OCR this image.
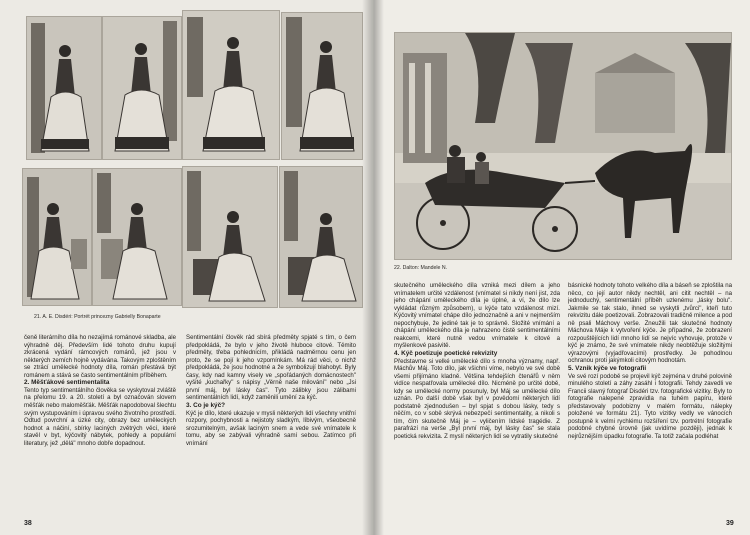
21. A. E. Disdéri: Portrét princezny Gabrielly Bonaparte

čeně literárního díla ho nezajímá románové skladba, ale výhradně děj. Především lidé tohoto druhu kupují zkrácená vydání rámcových románů, jež jsou v některých zemích hojně vydávána. Takovým zploštěním se ztrácí umělecké hodnoty díla, román přestává být románem a stává se často sentimentálním příběhem.

2. Měšťákové sentimentalita

Tento typ sentimentálního člověka se vyskytoval zvláště na přelomu 19. a 20. století a byl označován slovem měšťák nebo maloměšťák. Měšťák napodoboval šlechtu svým vystupováním i úpravou svého životního prostředí. Odtud povrchní a úzké city, obrazy bez uměleckých hodnot a náčiní, sbírky laciných zvětrých věcí, které stavěl v byt, kýčovitý nábytek, pohledy a populární literatury, jež „dělá" mnoho dobře dopadnout.

Sentimentální člověk rád sbírá předměty spjaté s tím, o čem předpokládá, že bylo v jeho životě hluboce citové. Těmito předměty, třeba pohlednicím, přikládá nadměrnou cenu jen proto, že se pojí k jeho vzpomínkám. Má rád věci, o nichž předpokládá, že jsou hodnotné a že symbolizují blahobyt. Byly časy, kdy nad kamny visely ve „spořádaných domácnostech" vyšité „kuchařky" s nápisy „Věrně naše milování" nebo „Jsi první máj, byl lásky čas". Tyto zálibky jsou zálibami sentimentálních lidí, když zaměnili umění za kýč.

3. Co je kýč?

Kýč je dílo, které ukazuje v mysli některých lidí všechny vnitřní rozpory, pochybnosti a nejistoty sladkým, líbivým, všeobecně srozumitelným, avšak laciným snem a vede své vnímatele k tomu, aby se zabývali výhradně samí sebou. Zatímco při vnímání

38
22. Dalton: Mandele N.

skutečného uměleckého díla vzniká mezi dílem a jeho vnímatelem určité vzdálenost (vnímatel si nikdy není jist, zda jeho chápání uměleckého díla je úplné, a ví, že dílo lze vykládat různým způsobem), u kýče tato vzdálenost mizí. Kýčovitý vnímatel chápe dílo jednoznačně a ani v nejmenším nepochybuje, že jediné tak je to správně. Složité vnímání a chápání uměleckého díla je nahrazeno čistě sentimentálními reakcemi, které nutně vedou vnímatele k citové a myšlenkové pasivitě.

4. Kýč poetizuje poetické rekvizity

Představme si velké umělecké dílo s mnoha významy, např. Máchův Máj. Toto dílo, jak všichni víme, nebylo ve své době všemi přijímáno kladně. Většina tehdejších čtenářů v něm vidíce nespatřovala umělecké dílo. Nicméně po určité době, kdy se umělecké normy posunuly, byl Máj se umělecké dílo uznán. Po další době však byl v povědomí některých lidí podstatně zjednodušen – byl spjat s dobou lásky, tedy s něčím, co v sobě skrývá nebezpečí sentimentality, a nikoli s tím, čím skutečně Máj je – vyličením lidské tragédie. Z parafrází na verše „Byl první máj, byl lásky čas" se stala poetická rekvizita. Z myslí některých lidí se vytratily skutečné

básnické hodnoty tohoto velkého díla a báseň se zploštila na něco, co její autor nikdy nechtěl, ani citit nechtěl – na jednoduchý, sentimentální příběh uzlenému „lásky bolu". Jakmile se tak stalo, ihned se vyskytli „tvůrci", kteří tuto rekvizitu dále poetizovali. Zobrazovali tradičně milence a pod ně psali Máchovy verše. Zneužili tak skutečné hodnoty Máchova Máje k vytvoření kýče. Je případné, že zobrazení rozpouštějících lidí mnoho lidí se nejvíc vyhovuje, protože v kýč je známo, že své vnímatele nikdy neobtěžuje složitými výrazovými (vyjadřovacími) prostředky. Je pohodlnou ochranou proti jakýmkoli citovým hodnotám.

5. Vznik kýče ve fotografii

Ve své rozí podobě se projevil kýč zejména v druhé polovině minulého století a záhy zasáhl i fotografii. Tehdy zavedli ve Francii slavný fotograf Disdéri tzv. fotografické vizitky. Byly to fotografie nalepené zpravidla na tuhém papíru, které představovaly podobizny v malém formátu, nálepky položené ve formátu 21). Tyto vizitky vedly ve vánocích postupně k velmi rychlému rozšíření tzv. portrétní fotografie podobné chybné úrovně (jak uvidíme později), jednak k nejrůznějším úpadku fotografie. Ta totiž začala podléhat

39
